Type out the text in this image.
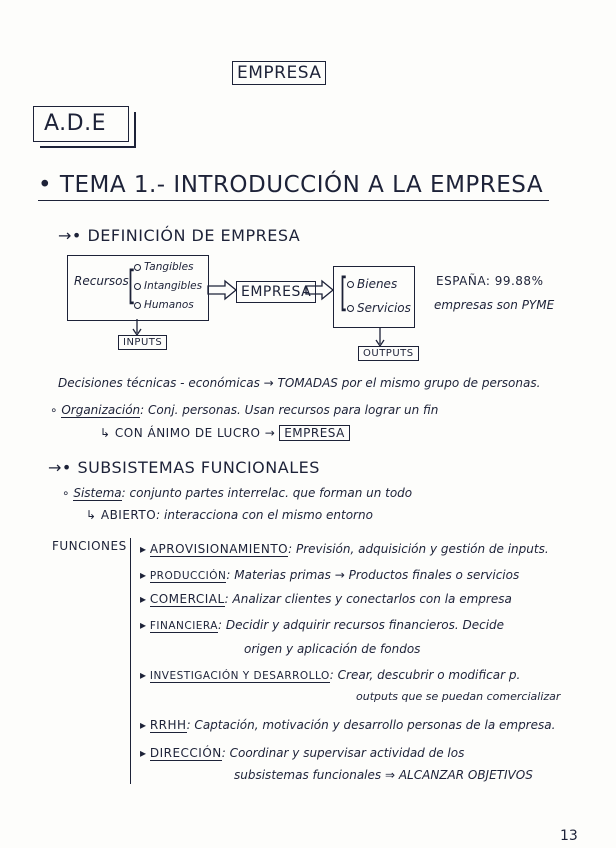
EMPRESA
A.D.E
• TEMA 1.- INTRODUCCIÓN A LA EMPRESA
→• DEFINICIÓN DE EMPRESA
Recursos [ Tangibles
Intangibles
Humanos
EMPRESA [ Bienes
Servicios
INPUTS
OUTPUTS
ESPAÑA: 99.88%
empresas son PYME
Decisiones técnicas - económicas → TOMADAS por el mismo grupo de personas.
∘ Organización: Conj. personas. Usan recursos para lograr un fin
↳ CON ÁNIMO DE LUCRO → EMPRESA
→• SUBSISTEMAS FUNCIONALES
∘ Sistema: conjunto partes interrelac. que forman un todo
↳ ABIERTO: interacciona con el mismo entorno
FUNCIONES ▸ APROVISIONAMIENTO: Previsión, adquisición y gestión de inputs.
▸ PRODUCCIÓN: Materias primas → Productos finales o servicios
▸ COMERCIAL: Analizar clientes y conectarlos con la empresa
▸ FINANCIERA: Decidir y adquirir recursos financieros. Decide
origen y aplicación de fondos
▸ INVESTIGACIÓN Y DESARROLLO: Crear, descubrir o modificar p.
outputs que se puedan comercializar
▸ RRHH: Captación, motivación y desarrollo personas de la empresa.
▸ DIRECCIÓN: Coordinar y supervisar actividad de los
subsistemas funcionales ⇒ ALCANZAR OBJETIVOS
13
